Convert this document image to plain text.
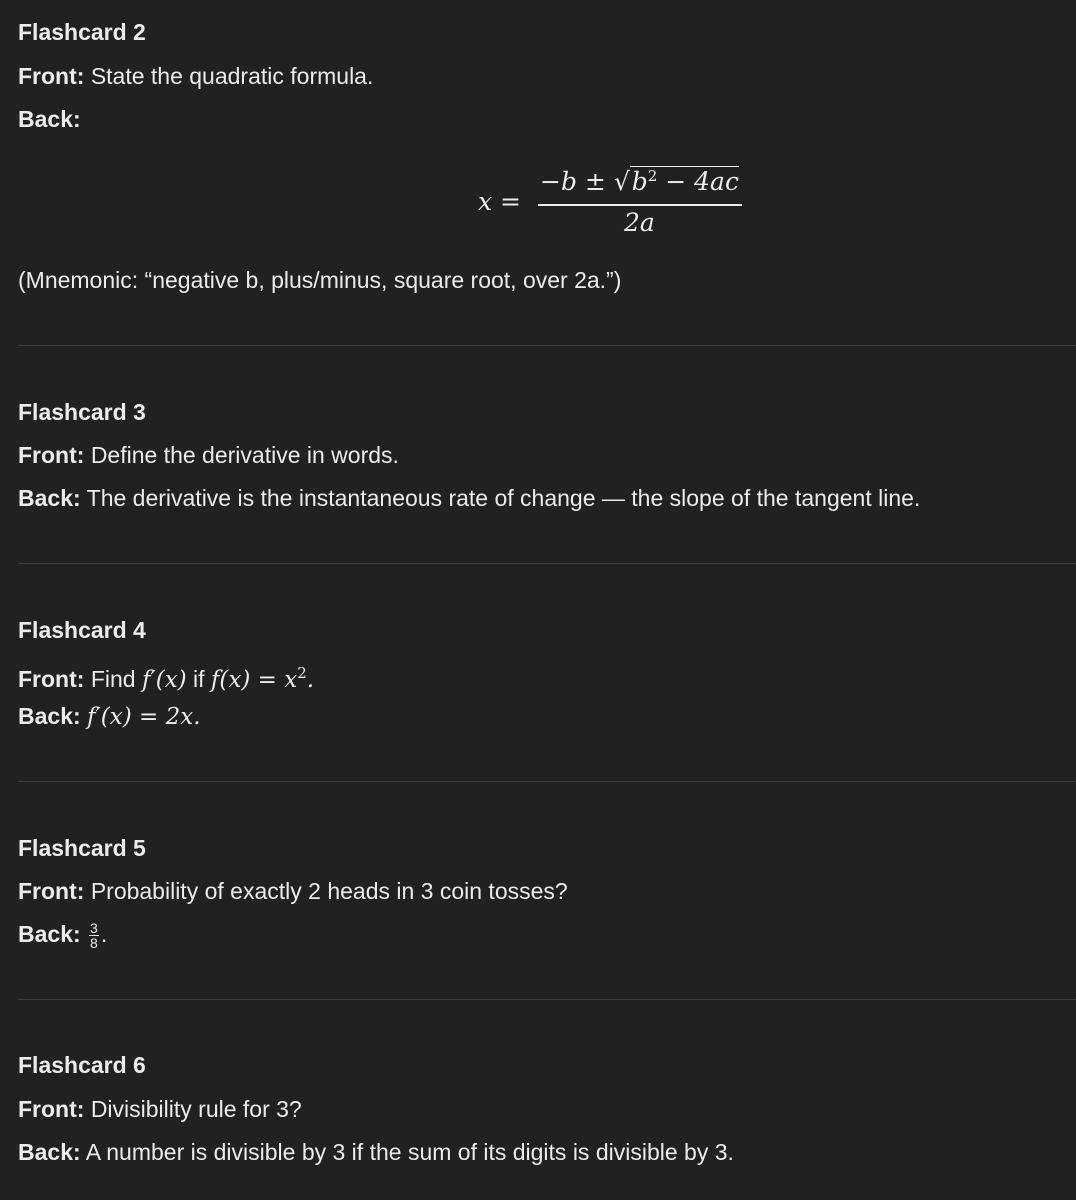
Flashcard 2
Front: State the quadratic formula.
Back:
x =
$-b \pm √b^2 - 4ac$
2a
(Mnemonic: “negative b, plus/minus, square root, over 2a.”)
Flashcard 3
Front: Define the derivative in words.
Back: The derivative is the instantaneous rate of change — the slope of the tangent line.
Flashcard 4
Front: Find f′(x) if $f(x) = x^2$.
Back: f′(x) = 2x.
Flashcard 5
Front: Probability of exactly 2 heads in 3 coin tosses?
Back: $\frac{3}{8}$ .
Flashcard 6
Front: Divisibility rule for 3?
Back: A number is divisible by 3 if the sum of its digits is divisible by 3.
